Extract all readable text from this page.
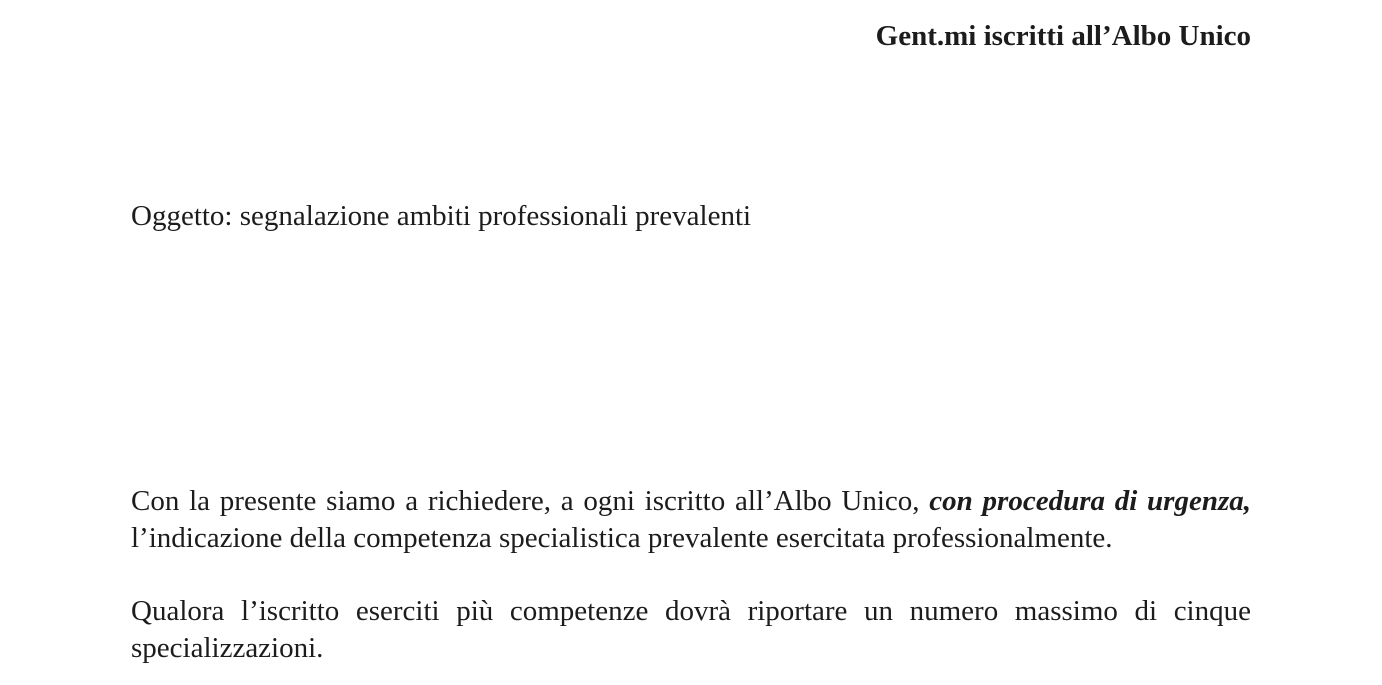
Gent.mi iscritti all’Albo Unico
Oggetto: segnalazione ambiti professionali prevalenti

Con la presente siamo a richiedere, a ogni iscritto all’Albo Unico, con procedura di urgenza, l’indicazione della competenza specialistica prevalente esercitata professionalmente.

Qualora l’iscritto eserciti più competenze dovrà riportare un numero massimo di cinque specializzazioni.
